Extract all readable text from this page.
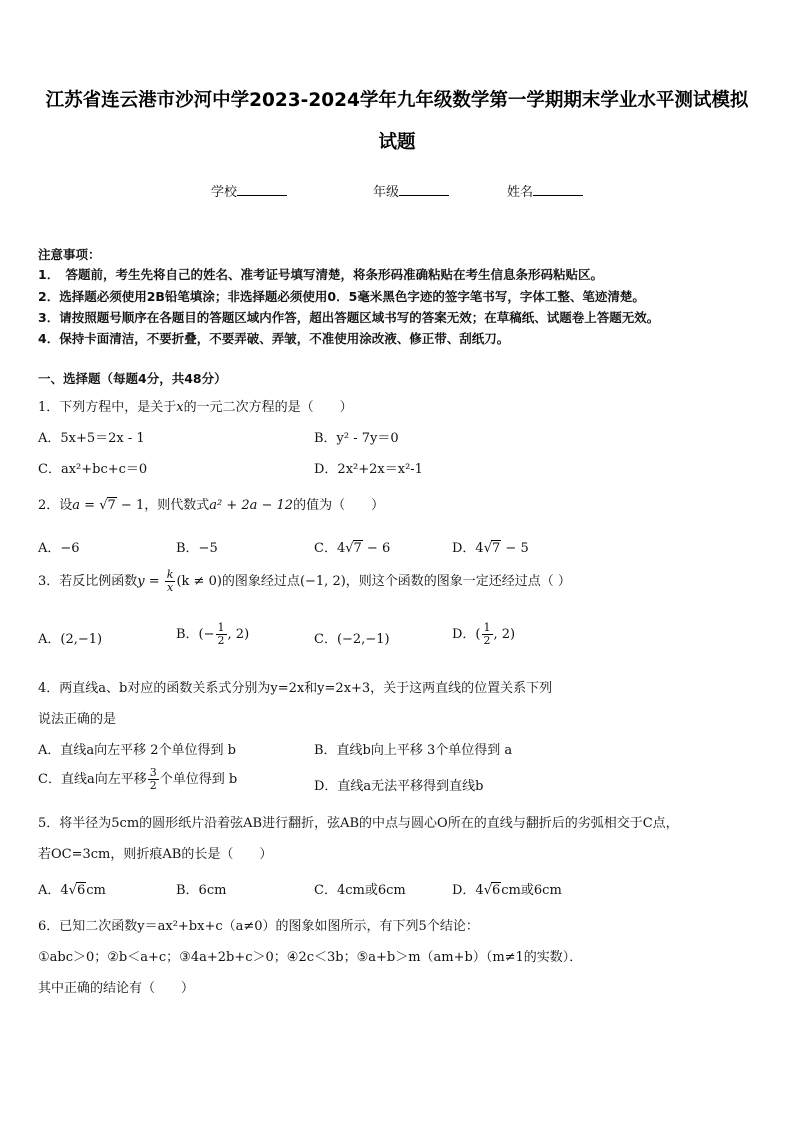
江苏省连云港市沙河中学2023-2024学年九年级数学第一学期期末学业水平测试模拟
试题
学校	年级	姓名
注意事项：
1．　答题前，考生先将自己的姓名、准考证号填写清楚，将条形码准确粘贴在考生信息条形码粘贴区。
2．选择题必须使用2B铅笔填涂；非选择题必须使用0．5毫米黑色字迹的签字笔书写，字体工整、笔迹清楚。
3．请按照题号顺序在各题目的答题区域内作答，超出答题区域书写的答案无效；在草稿纸、试题卷上答题无效。
4．保持卡面清洁，不要折叠，不要弄破、弄皱，不准使用涂改液、修正带、刮纸刀。
一、选择题（每题4分，共48分）
1．下列方程中，是关于x的一元二次方程的是（　　）
A．5x+5＝2x - 1	B．y² - 7y＝0
C．ax²+bc+c＝0	D．2x²+2x＝x²-1
2．设a = √7 − 1，则代数式a² + 2a − 12的值为（　　）
A．−6	B．−5	C．4√7 − 6	D．4√7 − 5
3．若反比例函数$y = \frac{k}{x} (k \ne 0)$的图象经过点(−1, 2)，则这个函数的图象一定还经过点（ ）
A．(2,−1)	B．(− $\frac{1}{2}$ , 2)	C．(−2,−1)	D．( $\frac{1}{2}$ , 2)
4．两直线a、b对应的函数关系式分别为y=2x和y=2x+3，关于这两直线的位置关系下列
说法正确的是
A．直线a向左平移 2个单位得到 b	B．直线b向上平移 3个单位得到 a
C．直线a向左平移 $\frac{3}{2}$ 个单位得到 b	D．直线a无法平移得到直线b
5．将半径为5cm的圆形纸片沿着弦AB进行翻折，弦AB的中点与圆心O所在的直线与翻折后的劣弧相交于C点，
若OC=3cm，则折痕AB的长是（　　）
A．4√6cm	B．6cm	C．4cm或6cm	D．4√6cm或6cm
6．已知二次函数y＝ax²+bx+c（a≠0）的图象如图所示，有下列5个结论：
①abc＞0；②b＜a+c；③4a+2b+c＞0；④2c＜3b；⑤a+b＞m（am+b）（m≠1的实数）．
其中正确的结论有（　　）
